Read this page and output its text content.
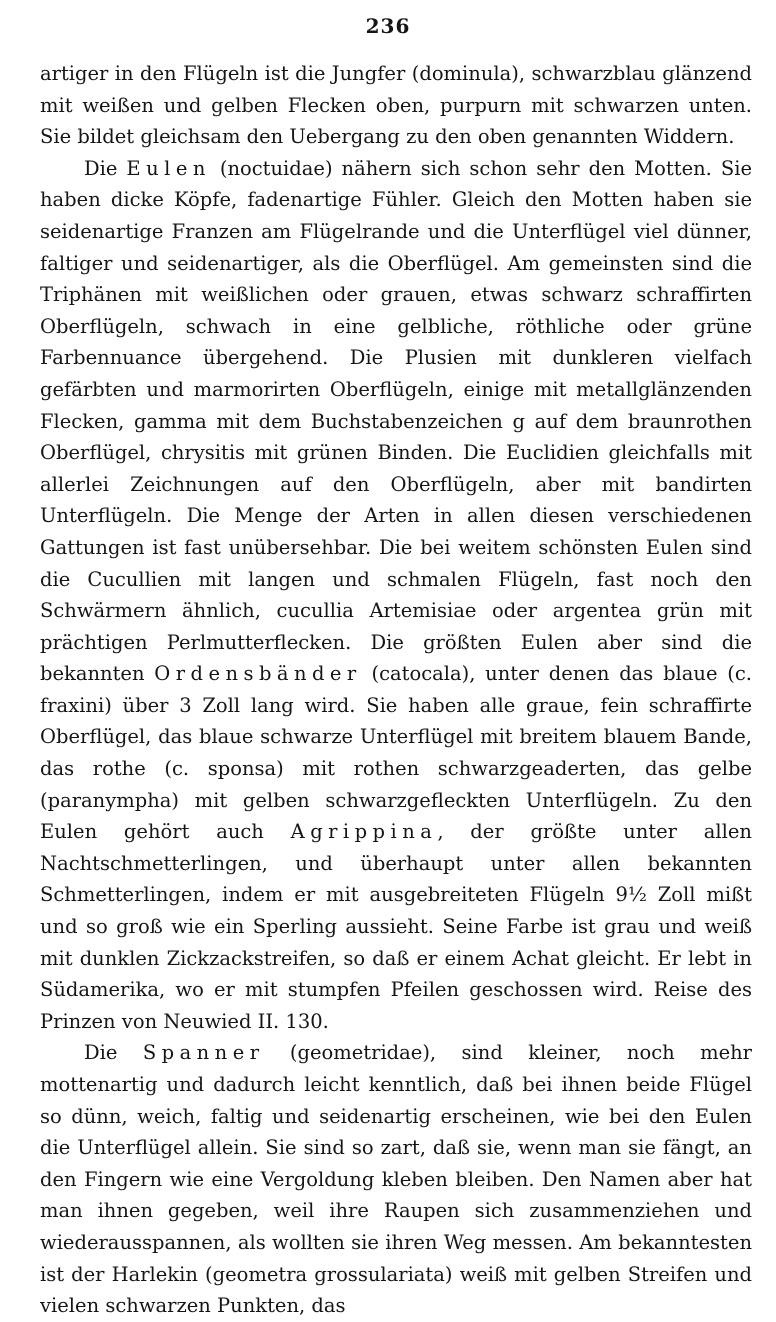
236

artiger in den Flügeln ist die Jungfer (dominula), schwarzblau glänzend mit weißen und gelben Flecken oben, purpurn mit schwarzen unten. Sie bildet gleichsam den Uebergang zu den oben genannten Widdern.

Die Eulen (noctuidae) nähern sich schon sehr den Motten. Sie haben dicke Köpfe, fadenartige Fühler. Gleich den Motten haben sie seidenartige Franzen am Flügelrande und die Unterflügel viel dünner, faltiger und seidenartiger, als die Oberflügel. Am gemeinsten sind die Triphänen mit weißlichen oder grauen, etwas schwarz schraffirten Oberflügeln, schwach in eine gelbliche, röthliche oder grüne Farbennuance übergehend. Die Plusien mit dunkleren vielfach gefärbten und marmorirten Oberflügeln, einige mit metallglänzenden Flecken, gamma mit dem Buchstabenzeichen g auf dem braunrothen Oberflügel, chrysitis mit grünen Binden. Die Euclidien gleichfalls mit allerlei Zeichnungen auf den Oberflügeln, aber mit bandirten Unterflügeln. Die Menge der Arten in allen diesen verschiedenen Gattungen ist fast unübersehbar. Die bei weitem schönsten Eulen sind die Cucullien mit langen und schmalen Flügeln, fast noch den Schwärmern ähnlich, cucullia Artemisiae oder argentea grün mit prächtigen Perlmutterflecken. Die größten Eulen aber sind die bekannten Ordensbänder (catocala), unter denen das blaue (c. fraxini) über 3 Zoll lang wird. Sie haben alle graue, fein schraffirte Oberflügel, das blaue schwarze Unterflügel mit breitem blauem Bande, das rothe (c. sponsa) mit rothen schwarzgeaderten, das gelbe (paranympha) mit gelben schwarzgefleckten Unterflügeln. Zu den Eulen gehört auch Agrippina, der größte unter allen Nachtschmetterlingen, und überhaupt unter allen bekannten Schmetterlingen, indem er mit ausgebreiteten Flügeln 9½ Zoll mißt und so groß wie ein Sperling aussieht. Seine Farbe ist grau und weiß mit dunklen Zickzackstreifen, so daß er einem Achat gleicht. Er lebt in Südamerika, wo er mit stumpfen Pfeilen geschossen wird. Reise des Prinzen von Neuwied II. 130.

Die Spanner (geometridae), sind kleiner, noch mehr mottenartig und dadurch leicht kenntlich, daß bei ihnen beide Flügel so dünn, weich, faltig und seidenartig erscheinen, wie bei den Eulen die Unterflügel allein. Sie sind so zart, daß sie, wenn man sie fängt, an den Fingern wie eine Vergoldung kleben bleiben. Den Namen aber hat man ihnen gegeben, weil ihre Raupen sich zusammenziehen und wiederausspannen, als wollten sie ihren Weg messen. Am bekanntesten ist der Harlekin (geometra grossulariata) weiß mit gelben Streifen und vielen schwarzen Punkten, das
